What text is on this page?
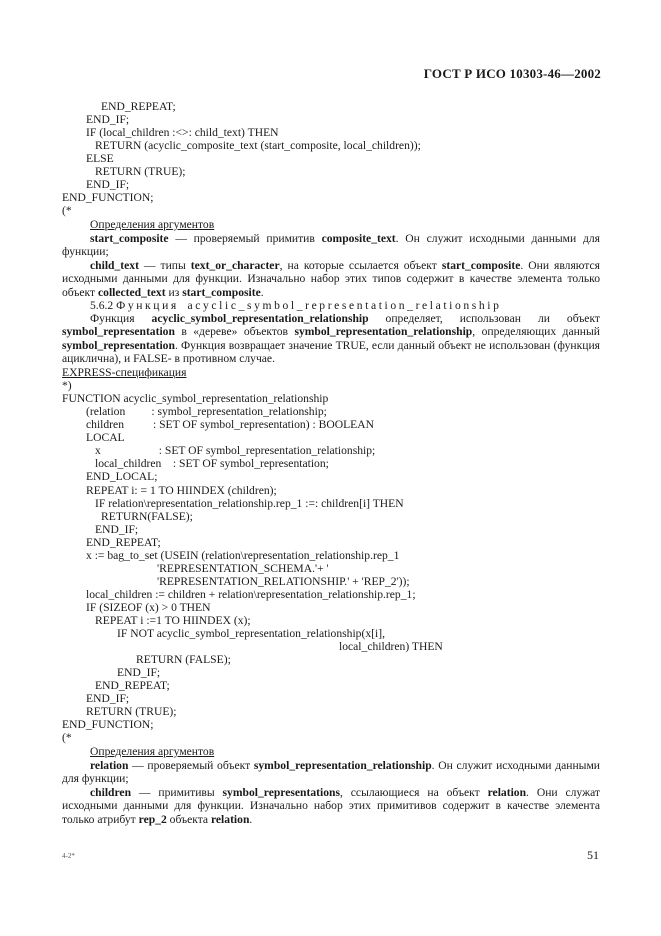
ГОСТ Р ИСО 10303-46—2002

END_REPEAT;

END_IF;

IF (local_children :<>: child_text) THEN

RETURN (acyclic_composite_text (start_composite, local_children));

ELSE

RETURN (TRUE);

END_IF;

END_FUNCTION;

(*

Определения аргументов

start_composite — проверяемый примитив composite_text. Он служит исходными данными для функции;

child_text — типы text_or_character, на которые ссылается объект start_composite. Они являются исходными данными для функции. Изначально набор этих типов содержит в качестве элемента только объект collected_text из start_composite.

5.6.2 Функция acyclic_symbol_representation_relationship

Функция acyclic_symbol_representation_relationship определяет, использован ли объект symbol_representation в «дереве» объектов symbol_representation_relationship, определяющих данный symbol_representation. Функция возвращает значение TRUE, если данный объект не использован (функция ациклична), и FALSE- в противном случае.

EXPRESS-спецификация

*)

FUNCTION acyclic_symbol_representation_relationship

(relation         : symbol_representation_relationship;

children          : SET OF symbol_representation) : BOOLEAN

LOCAL

x                    : SET OF symbol_representation_relationship;

local_children    : SET OF symbol_representation;

END_LOCAL;

REPEAT i: = 1 TO HIINDEX (children);

IF relation\representation_relationship.rep_1 :=: children[i] THEN

RETURN(FALSE);

END_IF;

END_REPEAT;

x := bag_to_set (USEIN (relation\representation_relationship.rep_1

'REPRESENTATION_SCHEMA.'+ '

'REPRESENTATION_RELATIONSHIP.' + 'REP_2'));

local_children := children + relation\representation_relationship.rep_1;

IF (SIZEOF (x) > 0 THEN

REPEAT i :=1 TO HIINDEX (x);

IF NOT acyclic_symbol_representation_relationship(x[i],

local_children) THEN

RETURN (FALSE);

END_IF;

END_REPEAT;

END_IF;

RETURN (TRUE);

END_FUNCTION;

(*

Определения аргументов

relation — проверяемый объект symbol_representation_relationship. Он служит исходными данными для функции;

children — примитивы symbol_representations, ссылающиеся на объект relation. Они служат исходными данными для функции. Изначально набор этих примитивов содержит в качестве элемента только атрибут rep_2 объекта relation.

4-2*	51
